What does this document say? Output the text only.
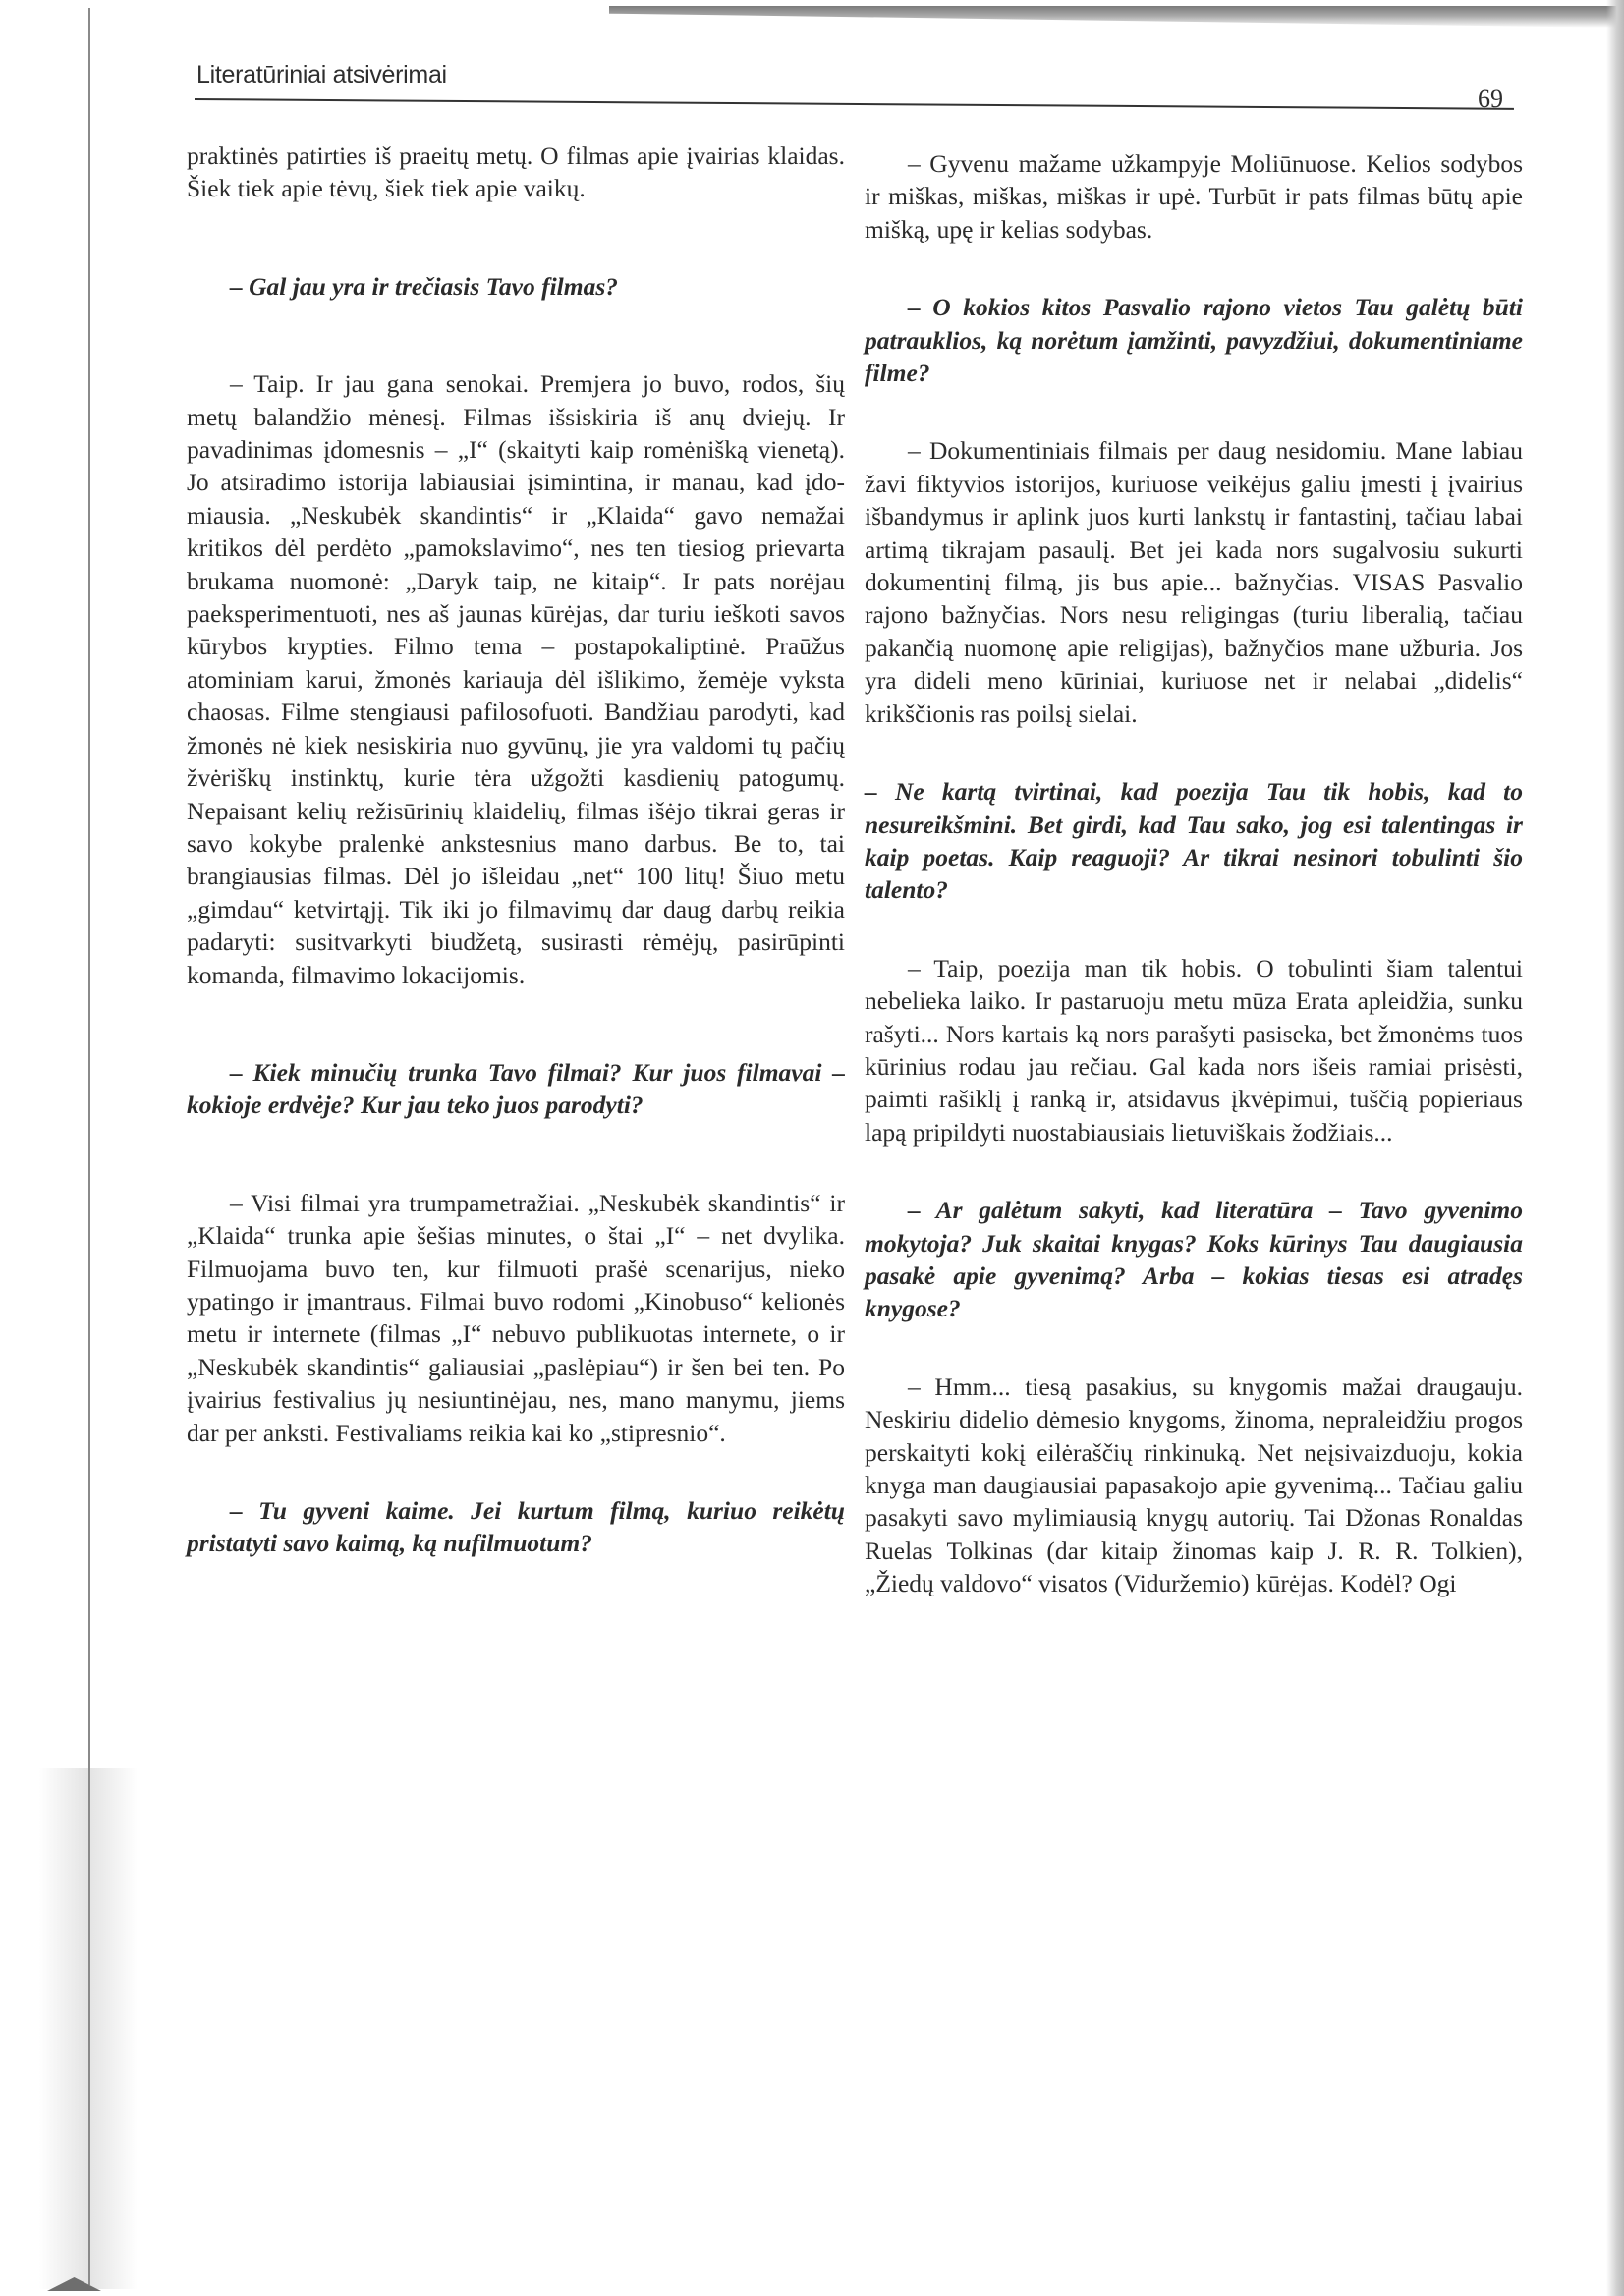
Literatūriniai atsivėrimai
69

praktinės patirties iš praeitų metų. O filmas apie įvairias klaidas. Šiek tiek apie tėvų, šiek tiek apie vaikų.

– Gal jau yra ir trečiasis Tavo filmas?

– Taip. Ir jau gana senokai. Premjera jo buvo, rodos, šių metų balandžio mėnesį. Filmas išsiskiria iš anų dviejų. Ir pavadinimas įdomesnis – „I“ (skaityti kaip romėnišką vienetą). Jo atsiradimo istorija labiausiai įsimintina, ir manau, kad įdomiausia. „Neskubėk skandintis“ ir „Klaida“ gavo nemažai kritikos dėl perdėto „pamokslavimo“, nes ten tiesiog prievarta brukama nuomonė: „Daryk taip, ne kitaip“. Ir pats norėjau paeksperimentuoti, nes aš jaunas kūrėjas, dar turiu ieškoti savos kūrybos krypties. Filmo tema – postapokaliptinė. Praūžus atominiam karui, žmonės kariauja dėl išlikimo, žemėje vyksta chaosas. Filme stengiausi pafilosofuoti. Bandžiau parodyti, kad žmonės nė kiek nesiskiria nuo gyvūnų, jie yra valdomi tų pačių žvėriškų instinktų, kurie tėra užgožti kasdienių patogumų. Nepaisant kelių režisūrinių klaidelių, filmas išėjo tikrai geras ir savo kokybe pralenkė ankstesnius mano darbus. Be to, tai brangiausias filmas. Dėl jo išleidau „net“ 100 litų! Šiuo metu „gimdau“ ketvirtąjį. Tik iki jo filmavimų dar daug darbų reikia padaryti: susitvarkyti biudžetą, susirasti rėmėjų, pasirūpinti komanda, filmavimo lokacijomis.

– Kiek minučių trunka Tavo filmai? Kur juos filmavai – kokioje erdvėje? Kur jau teko juos parodyti?

– Visi filmai yra trumpametražiai. „Neskubėk skandintis“ ir „Klaida“ trunka apie šešias minutes, o štai „I“ – net dvylika. Filmuojama buvo ten, kur filmuoti prašė scenarijus, nieko ypatingo ir įmantraus. Filmai buvo rodomi „Kinobuso“ kelionės metu ir internete (filmas „I“ nebuvo publikuotas internete, o ir „Neskubėk skandintis“ galiausiai „paslėpiau“) ir šen bei ten. Po įvairius festivalius jų nesiuntinėjau, nes, mano manymu, jiems dar per anksti. Festivaliams reikia kai ko „stipresnio“.

– Tu gyveni kaime. Jei kurtum filmą, kuriuo reikėtų pristatyti savo kaimą, ką nufilmuotum?

– Gyvenu mažame užkampyje Moliūnuose. Kelios sodybos ir miškas, miškas, miškas ir upė. Turbūt ir pats filmas būtų apie mišką, upę ir kelias sodybas.

– O kokios kitos Pasvalio rajono vietos Tau galėtų būti patrauklios, ką norėtum įamžinti, pavyzdžiui, dokumentiniame filme?

– Dokumentiniais filmais per daug nesidomiu. Mane labiau žavi fiktyvios istorijos, kuriuose veikėjus galiu įmesti į įvairius išbandymus ir aplink juos kurti lankstų ir fantastinį, tačiau labai artimą tikrajam pasaulį. Bet jei kada nors sugalvosiu sukurti dokumentinį filmą, jis bus apie... bažnyčias. VISAS Pasvalio rajono bažnyčias. Nors nesu religingas (turiu liberalią, tačiau pakančią nuomonę apie religijas), bažnyčios mane užburia. Jos yra dideli meno kūriniai, kuriuose net ir nelabai „didelis“ krikščionis ras poilsį sielai.

– Ne kartą tvirtinai, kad poezija Tau tik hobis, kad to nesureikšmini. Bet girdi, kad Tau sako, jog esi talentingas ir kaip poetas. Kaip reaguoji? Ar tikrai nesinori tobulinti šio talento?

– Taip, poezija man tik hobis. O tobulinti šiam talentui nebelieka laiko. Ir pastaruoju metu mūza Erata apleidžia, sunku rašyti... Nors kartais ką nors parašyti pasiseka, bet žmonėms tuos kūrinius rodau jau rečiau. Gal kada nors išeis ramiai prisėsti, paimti rašiklį į ranką ir, atsidavus įkvėpimui, tuščią popieriaus lapą pripildyti nuostabiausiais lietuviškais žodžiais...

– Ar galėtum sakyti, kad literatūra – Tavo gyvenimo mokytoja? Juk skaitai knygas? Koks kūrinys Tau daugiausia pasakė apie gyvenimą? Arba – kokias tiesas esi atradęs knygose?

– Hmm... tiesą pasakius, su knygomis mažai draugauju. Neskiriu didelio dėmesio knygoms, žinoma, nepraleidžiu progos perskaityti kokį eilėraščių rinkinuką. Net neįsivaizduoju, kokia knyga man daugiausiai papasakojo apie gyvenimą... Tačiau galiu pasakyti savo mylimiausią knygų autorių. Tai Džonas Ronaldas Ruelas Tolkinas (dar kitaip žinomas kaip J. R. R. Tolkien), „Žiedų valdovo“ visatos (Viduržemio) kūrėjas. Kodėl? Ogi
